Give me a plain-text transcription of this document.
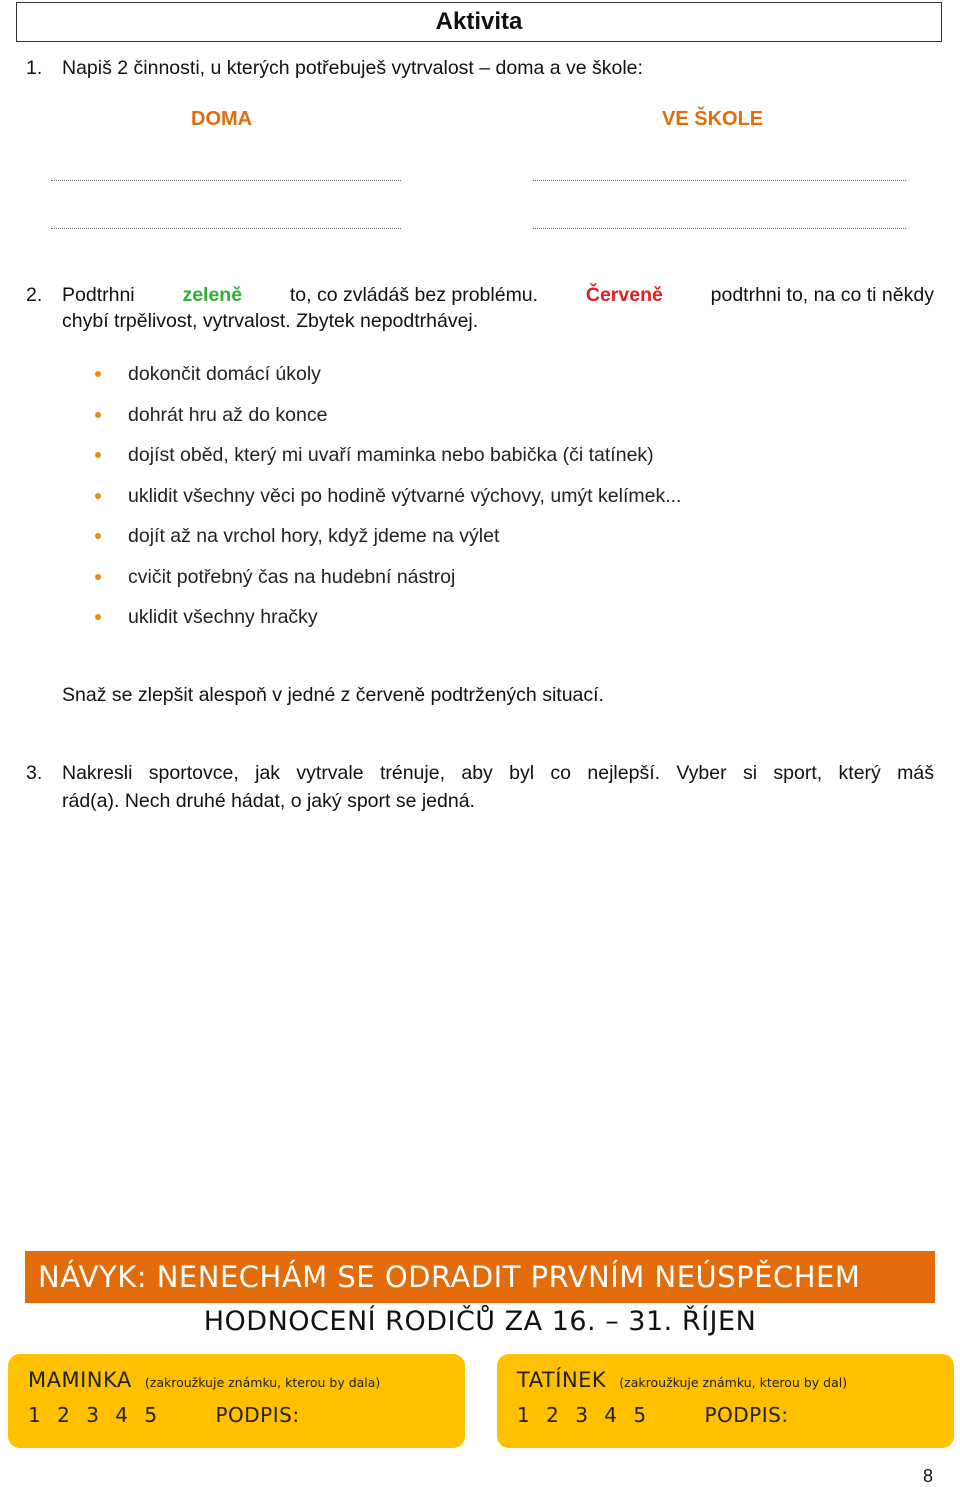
Aktivita
1. Napiš 2 činnosti, u kterých potřebuješ vytrvalost – doma a ve škole:
DOMA	VE ŠKOLE
2. Podtrhni zeleně to, co zvládáš bez problému. Červeně podtrhni to, na co ti někdy
chybí trpělivost, vytrvalost. Zbytek nepodtrhávej.
dokončit domácí úkoly
dohrát hru až do konce
dojíst oběd, který mi uvaří maminka nebo babička (či tatínek)
uklidit všechny věci po hodině výtvarné výchovy, umýt kelímek...
dojít až na vrchol hory, když jdeme na výlet
cvičit potřebný čas na hudební nástroj
uklidit všechny hračky
Snaž se zlepšit alespoň v jedné z červeně podtržených situací.
3. Nakresli sportovce, jak vytrvale trénuje, aby byl co nejlepší. Vyber si sport, který máš
rád(a). Nech druhé hádat, o jaký sport se jedná.
NÁVYK: NENECHÁM SE ODRADIT PRVNÍM NEÚSPĚCHEM
HODNOCENÍ RODIČŮ ZA 16. – 31. ŘÍJEN
MAMINKA (zakroužkuje známku, kterou by dala)
1 2 3 4 5	PODPIS:
TATÍNEK (zakroužkuje známku, kterou by dal)
1 2 3 4 5	PODPIS:
8
